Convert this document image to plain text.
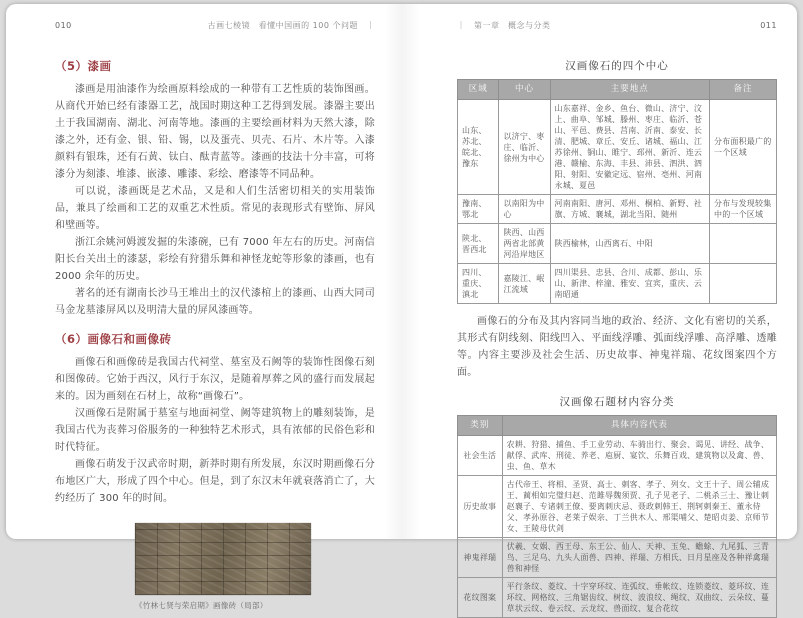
010	古画七棱镜　看懂中国画的 100 个问题　｜
（5）漆画

漆画是用油漆作为绘画原料绘成的一种带有工艺性质的装饰图画。从商代开始已经有漆器工艺，战国时期这种工艺得到发展。漆器主要出土于我国湖南、湖北、河南等地。漆画的主要绘画材料为天然大漆，除漆之外，还有金、银、铅、锡，以及蛋壳、贝壳、石片、木片等。入漆颜料有银珠，还有石黄、钛白、酞青蓝等。漆画的技法十分丰富，可将漆分为刻漆、堆漆、嵌漆、雕漆、彩绘、磨漆等不同品种。

可以说，漆画既是艺术品，又是和人们生活密切相关的实用装饰品，兼具了绘画和工艺的双重艺术性质。常见的表现形式有壁饰、屏风和壁画等。

浙江余姚河姆渡发掘的朱漆碗，已有 7000 年左右的历史。河南信阳长台关出土的漆瑟，彩绘有狩猎乐舞和神怪龙蛇等形象的漆画，也有 2000 余年的历史。

著名的还有湖南长沙马王堆出土的汉代漆棺上的漆画、山西大同司马金龙墓漆屏风以及明清大量的屏风漆画等。

（6）画像石和画像砖

画像石和画像砖是我国古代祠堂、墓室及石阙等的装饰性图像石刻和图像砖。它始于西汉，风行于东汉，是随着厚葬之风的盛行而发展起来的。因为画刻在石材上，故称“画像石”。

汉画像石是附属于墓室与地面祠堂、阙等建筑物上的雕刻装饰，是我国古代为丧葬习俗服务的一种独特艺术形式，具有浓郁的民俗色彩和时代特征。

画像石萌发于汉武帝时期，新莽时期有所发展，东汉时期画像石分布地区广大，形成了四个中心。但是，到了东汉末年就衰落消亡了，大约经历了 300 年的时间。

《竹林七贤与荣启期》画像砖（局部）
｜　第一章　概念与分类	011
汉画像石的四个中心
区域	中心	主要地点	备注
山东、苏北、皖北、豫东	以济宁、枣庄、临沂、徐州为中心	山东嘉祥、金乡、鱼台、微山、济宁、汶上、曲阜、邹城、滕州、枣庄、临沂、苍山、平邑、费县、莒南、沂南、泰安、长清、肥城、章丘、安丘、诸城、福山、江苏徐州、铜山、睢宁、邳州、新沂、连云港、赣榆、东海、丰县、沛县、泗洪、泗阳、射阳、安徽定远、宿州、亳州、河南永城、夏邑	分布面积最广的一个区域
豫南、鄂北	以南阳为中心	河南南阳、唐河、邓州、桐柏、新野、社旗、方城、襄城，湖北当阳、随州	分布与发现较集中的一个区域
陕北、晋西北	陕西、山西两省北部黄河沿岸地区	陕西榆林，山西离石、中阳	
四川、重庆、滇北	嘉陵江、岷江流域	四川渠县、忠县、合川、成都、彭山、乐山、新津、梓潼、雅安、宜宾，重庆、云南昭通	

画像石的分布及其内容同当地的政治、经济、文化有密切的关系，其形式有阴线刻、阳线凹入、平面线浮雕、弧面线浮雕、高浮雕、透雕等。内容主要涉及社会生活、历史故事、神鬼祥瑞、花纹图案四个方面。

汉画像石题材内容分类
类别	具体内容代表
社会生活	农耕、狩猎、捕鱼、手工业劳动、车骑出行、聚会、谒见、讲经、战争、献俘、武库、刑徒、养老、庖厨、宴饮、乐舞百戏、建筑物以及禽、兽、虫、鱼、草木
历史故事	古代帝王、将相、圣贤、高士、刺客、孝子、列女、文王十子、周公辅成王、蔺相如完璧归赵、范雎辱魏须贾、孔子见老子、二桃杀三士、豫让刺赵襄子、专诸刺王僚、要离刺庆忌、聂政刺韩王、荆轲刺秦王、董永侍父、孝孙原谷、老莱子娱亲、丁兰供木人、邢渠哺父、楚昭贞姜、京师节女、王陵母伏剑
神鬼祥瑞	伏羲、女娲、西王母、东王公、仙人、天神、玉兔、蟾蜍、九尾狐、三青鸟、三足乌、九头人面兽、四神、祥瑞、方相氏、日月星座及各种祥禽瑞兽和神怪
花纹图案	平行条纹、菱纹、十字穿环纹、连弧纹、垂帐纹、连锁菱纹、菱环纹、连环纹、网格纹、三角锯齿纹、树纹、波浪纹、绳纹、双曲纹、云朵纹、蔓草状云纹、卷云纹、云龙纹、兽面纹、复合花纹
